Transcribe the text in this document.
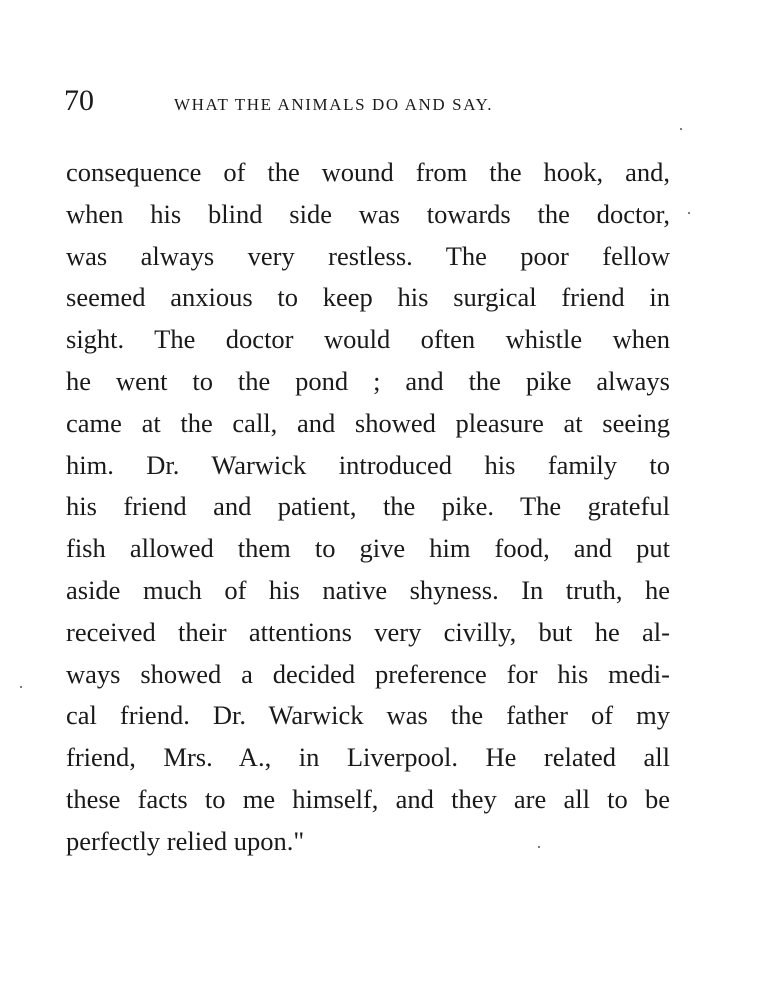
70	WHAT THE ANIMALS DO AND SAY.
consequence of the wound from the hook, and,
when his blind side was towards the doctor,
was always very restless. The poor fellow
seemed anxious to keep his surgical friend in
sight. The doctor would often whistle when
he went to the pond ; and the pike always
came at the call, and showed pleasure at seeing
him. Dr. Warwick introduced his family to
his friend and patient, the pike. The grateful
fish allowed them to give him food, and put
aside much of his native shyness. In truth, he
received their attentions very civilly, but he al-
ways showed a decided preference for his medi-
cal friend. Dr. Warwick was the father of my
friend, Mrs. A., in Liverpool. He related all
these facts to me himself, and they are all to be
perfectly relied upon."
